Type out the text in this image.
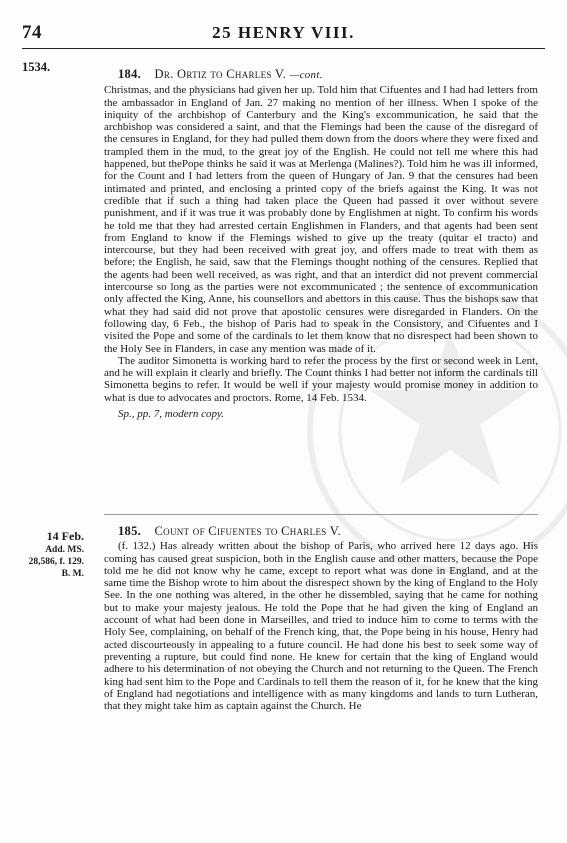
74	25 HENRY VIII.
1534.	184. Dr. Ortiz to Charles V. —cont.

Christmas, and the physicians had given her up. Told him that Cifuentes and I had had letters from the ambassador in England of Jan. 27 making no mention of her illness. When I spoke of the iniquity of the archbishop of Canterbury and the King's excommunication, he said that the archbishop was considered a saint, and that the Flemings had been the cause of the disregard of the censures in England, for they had pulled them down from the doors where they were fixed and trampled them in the mud, to the great joy of the English. He could not tell me where this had happened, but thePope thinks he said it was at Merlenga (Malines?). Told him he was ill informed, for the Count and I had letters from the queen of Hungary of Jan. 9 that the censures had been intimated and printed, and enclosing a printed copy of the briefs against the King. It was not credible that if such a thing had taken place the Queen had passed it over without severe punishment, and if it was true it was probably done by Englishmen at night. To confirm his words he told me that they had arrested certain Englishmen in Flanders, and that agents had been sent from England to know if the Flemings wished to give up the treaty (quitar el tracto) and intercourse, but they had been received with great joy, and offers made to treat with them as before; the English, he said, saw that the Flemings thought nothing of the censures. Replied that the agents had been well received, as was right, and that an interdict did not prevent commercial intercourse so long as the parties were not excommunicated ; the sentence of excommunication only affected the King, Anne, his counsellors and abettors in this cause. Thus the bishops saw that what they had said did not prove that apostolic censures were disregarded in Flanders. On the following day, 6 Feb., the bishop of Paris had to speak in the Consistory, and Cifuentes and I visited the Pope and some of the cardinals to let them know that no disrespect had been shown to the Holy See in Flanders, in case any mention was made of it.

The auditor Simonetta is working hard to refer the process by the first or second week in Lent, and he will explain it clearly and briefly. The Count thinks I had better not inform the cardinals till Simonetta begins to refer. It would be well if your majesty would promise money in addition to what is due to advocates and proctors. Rome, 14 Feb. 1534.

Sp., pp. 7, modern copy.

14 Feb.
Add. MS.
28,586, f. 129.
B. M.
185. Count of Cifuentes to Charles V.

(f. 132.) Has already written about the bishop of Paris, who arrived here 12 days ago. His coming has caused great suspicion, both in the English cause and other matters, because the Pope told me he did not know why he came, except to report what was done in England, and at the same time the Bishop wrote to him about the disrespect shown by the king of England to the Holy See. In the one nothing was altered, in the other he dissembled, saying that he came for nothing but to make your majesty jealous. He told the Pope that he had given the king of England an account of what had been done in Marseilles, and tried to induce him to come to terms with the Holy See, complaining, on behalf of the French king, that, the Pope being in his house, Henry had acted discourteously in appealing to a future council. He had done his best to seek some way of preventing a rupture, but could find none. He knew for certain that the king of England would adhere to his determination of not obeying the Church and not returning to the Queen. The French king had sent him to the Pope and Cardinals to tell them the reason of it, for he knew that the king of England had negotiations and intelligence with as many kingdoms and lands to turn Lutheran, that they might take him as captain against the Church. He
